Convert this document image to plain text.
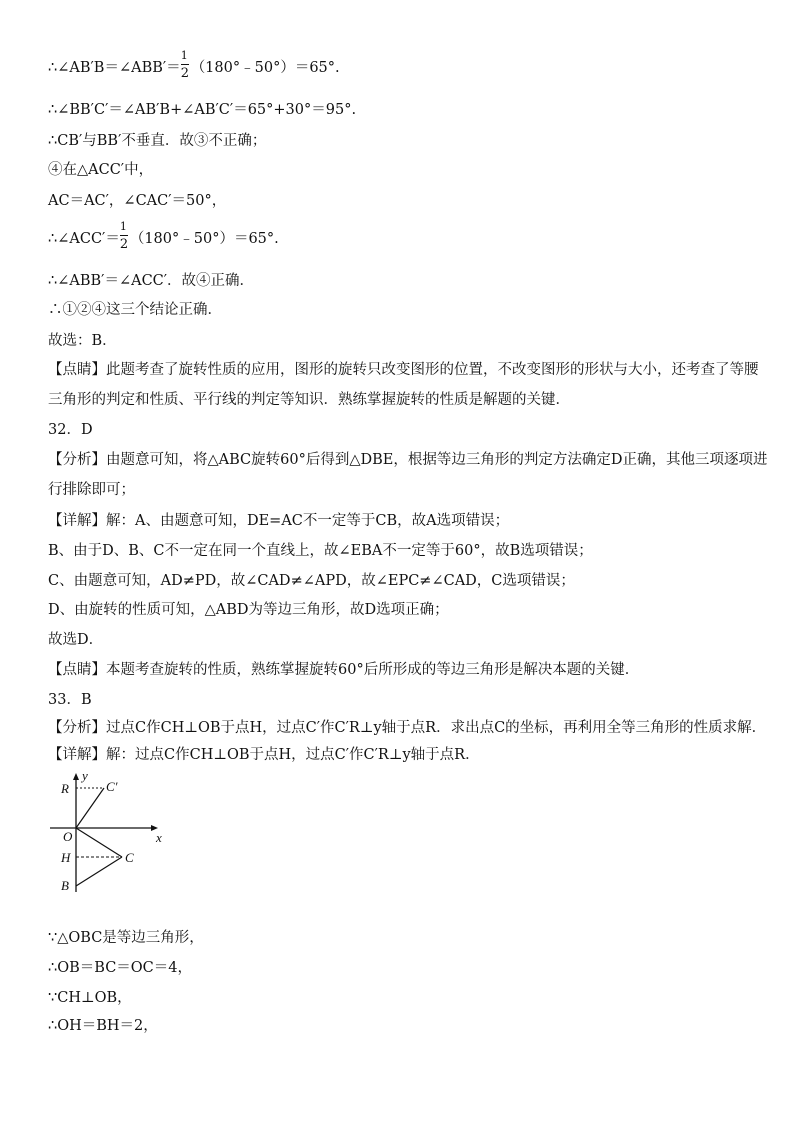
∴∠AB′B＝∠ABB′＝ $\frac{1}{2}$ （180°﹣50°）＝65°.
∴∠BB′C′＝∠AB′B+∠AB′C′＝65°+30°＝95°.
∴CB′与BB′不垂直．故③不正确；
④在△ACC′中，
AC＝AC′，∠CAC′＝50°，
∴∠ACC′＝ $\frac{1}{2}$ （180°﹣50°）＝65°.
∴∠ABB′＝∠ACC′．故④正确．
∴①②④这三个结论正确．
故选：B．
【点睛】此题考查了旋转性质的应用，图形的旋转只改变图形的位置，不改变图形的形状与大小，还考查了等腰
三角形的判定和性质、平行线的判定等知识．熟练掌握旋转的性质是解题的关键．
32．D
【分析】由题意可知，将△ABC旋转60°后得到△DBE，根据等边三角形的判定方法确定D正确，其他三项逐项进
行排除即可；
【详解】解：A、由题意可知，DE=AC不一定等于CB，故A选项错误；
B、由于D、B、C不一定在同一个直线上，故∠EBA不一定等于60°，故B选项错误；
C、由题意可知，AD≠PD，故∠CAD≠∠APD，故∠EPC≠∠CAD，C选项错误；
D、由旋转的性质可知，△ABD为等边三角形，故D选项正确；
故选D．
【点睛】本题考查旋转的性质，熟练掌握旋转60°后所形成的等边三角形是解决本题的关键．
33．B
【分析】过点C作CH⊥OB于点H，过点C′作C′R⊥y轴于点R．求出点C的坐标，再利用全等三角形的性质求解．
【详解】解：过点C作CH⊥OB于点H，过点C′作C′R⊥y轴于点R．
y
x
R	C′
O
H	C
B
∵△OBC是等边三角形，
∴OB＝BC＝OC＝4，
∵CH⊥OB，
∴OH＝BH＝2，
